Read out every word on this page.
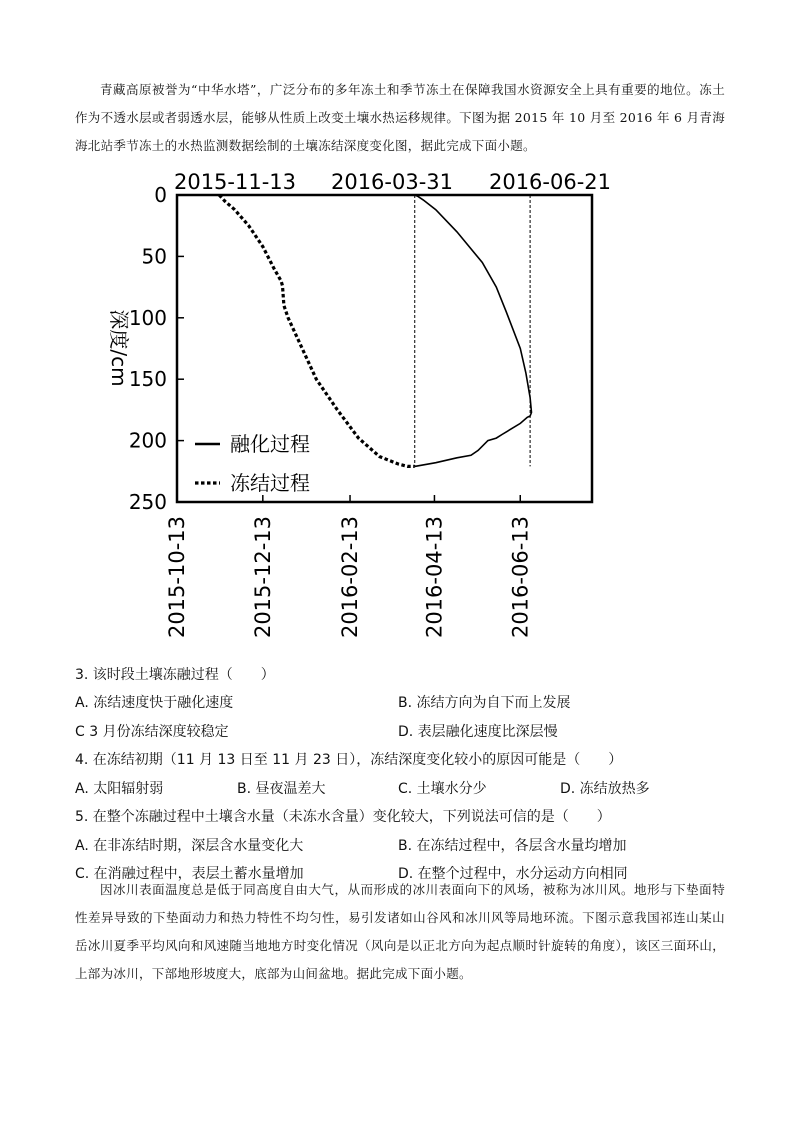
青藏高原被誉为“中华水塔”，广泛分布的多年冻土和季节冻土在保障我国水资源安全上具有重要的地位。冻土作为不透水层或者弱透水层，能够从性质上改变土壤水热运移规律。下图为据 2015 年 10 月至 2016 年 6 月青海海北站季节冻土的水热监测数据绘制的土壤冻结深度变化图，据此完成下面小题。

2015-11-13 2016-03-31 2016-06-21
0
50
100
150
200
250
2015-10-13	2015-12-13	2016-02-13	2016-04-13	2016-06-13
深度/cm
融化过程
冻结过程
3. 该时段土壤冻融过程（　　）
A. 冻结速度快于融化速度	B. 冻结方向为自下而上发展
C 3 月份冻结深度较稳定	D. 表层融化速度比深层慢
4. 在冻结初期（11 月 13 日至 11 月 23 日），冻结深度变化较小的原因可能是（　　）
A. 太阳辐射弱	B. 昼夜温差大	C. 土壤水分少	D. 冻结放热多
5. 在整个冻融过程中土壤含水量（未冻水含量）变化较大，下列说法可信的是（　　）
A. 在非冻结时期，深层含水量变化大	B. 在冻结过程中，各层含水量均增加
C. 在消融过程中，表层土蓄水量增加	D. 在整个过程中，水分运动方向相同

因冰川表面温度总是低于同高度自由大气，从而形成的冰川表面向下的风场，被称为冰川风。地形与下垫面特性差异导致的下垫面动力和热力特性不均匀性，易引发诸如山谷风和冰川风等局地环流。下图示意我国祁连山某山岳冰川夏季平均风向和风速随当地地方时变化情况（风向是以正北方向为起点顺时针旋转的角度），该区三面环山，上部为冰川，下部地形坡度大，底部为山间盆地。据此完成下面小题。
